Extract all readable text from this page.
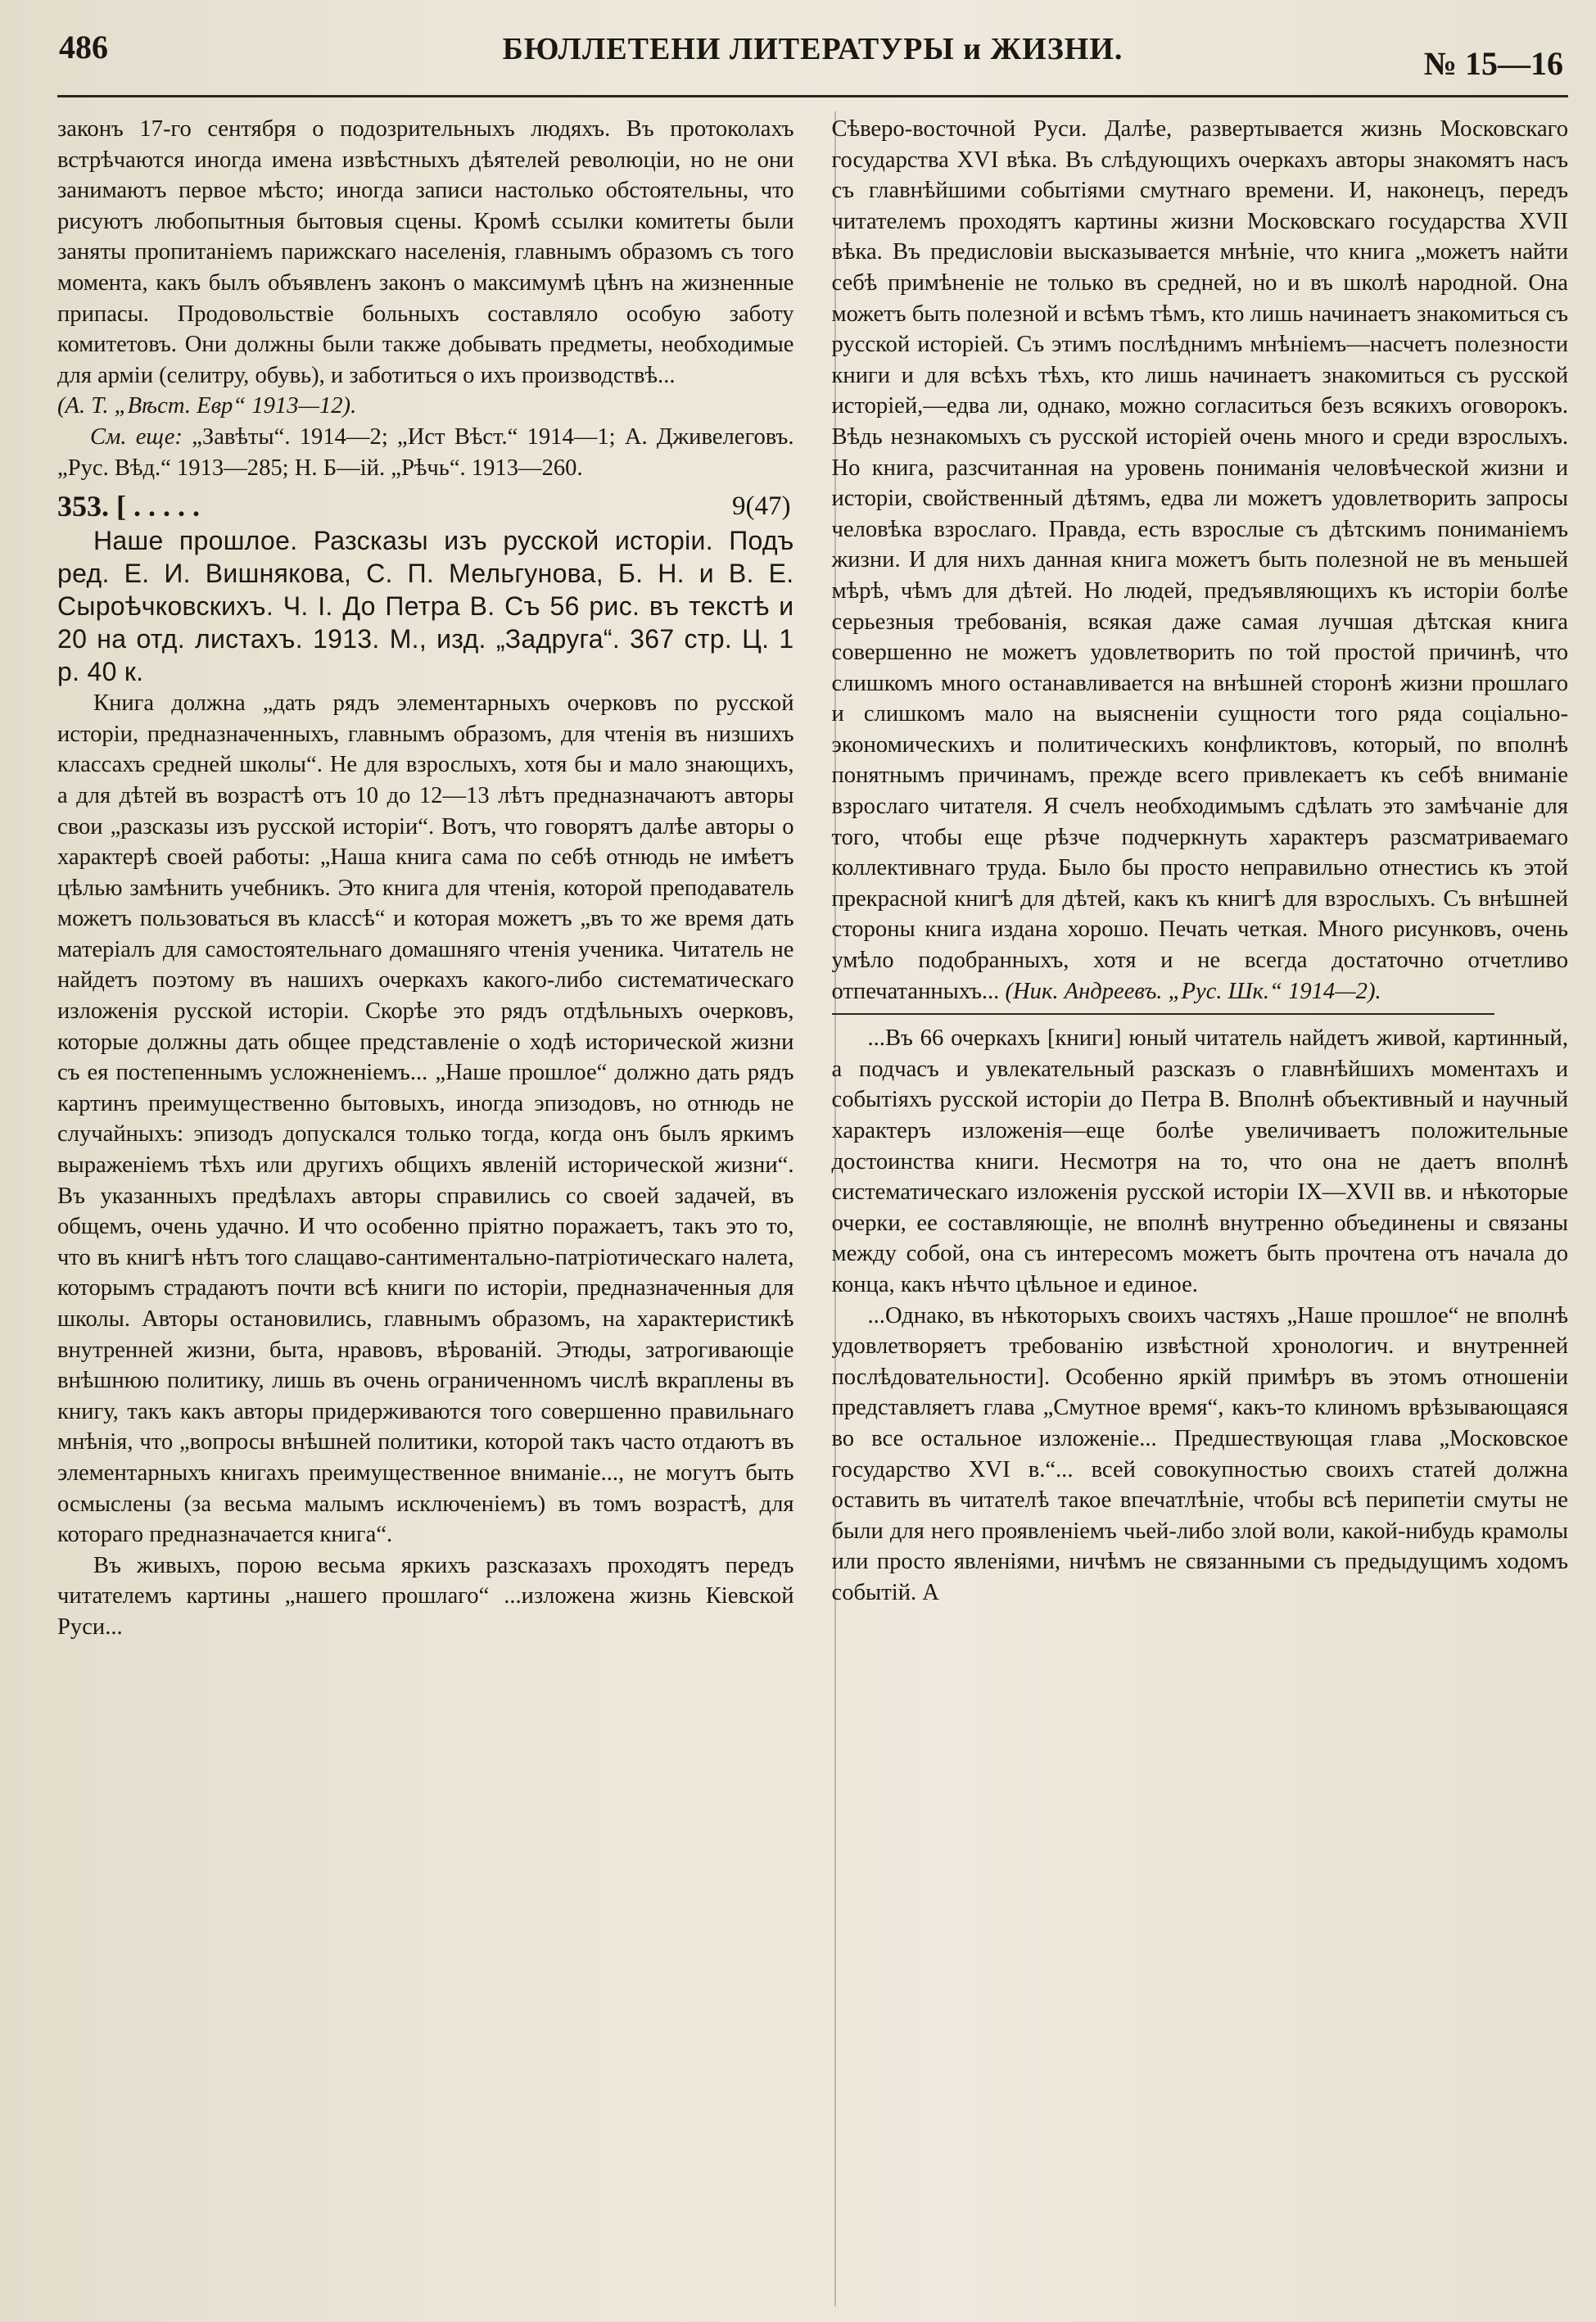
486	БЮЛЛЕТЕНИ ЛИТЕРАТУРЫ и ЖИЗНИ.	№ 15—16

законъ 17-го сентября о подозрительныхъ людяхъ. Въ протоколахъ встрѣчаются иногда имена извѣстныхъ дѣятелей революціи, но не они занимаютъ первое мѣсто; иногда записи настолько обстоятельны, что рисуютъ любопытныя бытовыя сцены. Кромѣ ссылки комитеты были заняты пропитаніемъ парижскаго населенія, главнымъ образомъ съ того момента, какъ былъ объявленъ законъ о максимумѣ цѣнъ на жизненные припасы. Продовольствіе больныхъ составляло особую заботу комитетовъ. Они должны были также добывать предметы, необходимые для арміи (селитру, обувь), и заботиться о ихъ производствѣ...
(А. Т. „Вѣст. Евр“ 1913—12).

См. еще: „Завѣты“. 1914—2; „Ист Вѣст.“ 1914—1; А. Дживелеговъ. „Рус. Вѣд.“ 1913—285; Н. Б—ій. „Рѣчь“. 1913—260.

353. [ . . . . .	9(47)

Наше прошлое. Разсказы изъ русской исторіи. Подъ ред. Е. И. Вишнякова, С. П. Мельгунова, Б. Н. и В. Е. Сыроѣчковскихъ. Ч. I. До Петра В. Съ 56 рис. въ текстѣ и 20 на отд. листахъ. 1913. М., изд. „Задруга“. 367 стр. Ц. 1 р. 40 к.

Книга должна „дать рядъ элементарныхъ очерковъ по русской исторіи, предназначенныхъ, главнымъ образомъ, для чтенія въ низшихъ классахъ средней школы“. Не для взрослыхъ, хотя бы и мало знающихъ, а для дѣтей въ возрастѣ отъ 10 до 12—13 лѣтъ предназначаютъ авторы свои „разсказы изъ русской исторіи“. Вотъ, что говорятъ далѣе авторы о характерѣ своей работы: „Наша книга сама по себѣ отнюдь не имѣетъ цѣлью замѣнить учебникъ. Это книга для чтенія, которой преподаватель можетъ пользоваться въ классѣ“ и которая можетъ „въ то же время дать матеріалъ для самостоятельнаго домашняго чтенія ученика. Читатель не найдетъ поэтому въ нашихъ очеркахъ какого-либо систематическаго изложенія русской исторіи. Скорѣе это рядъ отдѣльныхъ очерковъ, которые должны дать общее представленіе о ходѣ исторической жизни съ ея постепеннымъ усложненіемъ... „Наше прошлое“ должно дать рядъ картинъ преимущественно бытовыхъ, иногда эпизодовъ, но отнюдь не случайныхъ: эпизодъ допускался только тогда, когда онъ былъ яркимъ выраженіемъ тѣхъ или другихъ общихъ явленій исторической жизни“. Въ указанныхъ предѣлахъ авторы справились со своей задачей, въ общемъ, очень удачно. И что особенно пріятно поражаетъ, такъ это то, что въ книгѣ нѣтъ того слащаво-сантиментально-патріотическаго налета, которымъ страдаютъ почти всѣ книги по исторіи, предназначенныя для школы. Авторы остановились, главнымъ образомъ, на характеристикѣ внутренней жизни, быта, нравовъ, вѣрованій. Этюды, затрогивающіе внѣшнюю политику, лишь въ очень ограниченномъ числѣ вкраплены въ книгу, такъ какъ авторы придерживаются того совершенно правильнаго мнѣнія, что „вопросы внѣшней политики, которой такъ часто отдаютъ въ элементарныхъ книгахъ преимущественное вниманіе..., не могутъ быть осмыслены (за весьма малымъ исключеніемъ) въ томъ возрастѣ, для котораго предназначается книга“.

Въ живыхъ, порою весьма яркихъ разсказахъ проходятъ передъ читателемъ картины „нашего прошлаго“ ...изложена жизнь Кіевской Руси...

Сѣверо-восточной Руси. Далѣе, развертывается жизнь Московскаго государства XVI вѣка. Въ слѣдующихъ очеркахъ авторы знакомятъ насъ съ главнѣйшими событіями смутнаго времени. И, наконецъ, передъ читателемъ проходятъ картины жизни Московскаго государства XVII вѣка. Въ предисловіи высказывается мнѣніе, что книга „можетъ найти себѣ примѣненіе не только въ средней, но и въ школѣ народной. Она можетъ быть полезной и всѣмъ тѣмъ, кто лишь начинаетъ знакомиться съ русской исторіей. Съ этимъ послѣднимъ мнѣніемъ—насчетъ полезности книги и для всѣхъ тѣхъ, кто лишь начинаетъ знакомиться съ русской исторіей,—едва ли, однако, можно согласиться безъ всякихъ оговорокъ. Вѣдь незнакомыхъ съ русской исторіей очень много и среди взрослыхъ. Но книга, разсчитанная на уровень пониманія человѣческой жизни и исторіи, свойственный дѣтямъ, едва ли можетъ удовлетворить запросы человѣка взрослаго. Правда, есть взрослые съ дѣтскимъ пониманіемъ жизни. И для нихъ данная книга можетъ быть полезной не въ меньшей мѣрѣ, чѣмъ для дѣтей. Но людей, предъявляющихъ къ исторіи болѣе серьезныя требованія, всякая даже самая лучшая дѣтская книга совершенно не можетъ удовлетворить по той простой причинѣ, что слишкомъ много останавливается на внѣшней сторонѣ жизни прошлаго и слишкомъ мало на выясненіи сущности того ряда соціально-экономическихъ и политическихъ конфликтовъ, который, по вполнѣ понятнымъ причинамъ, прежде всего привлекаетъ къ себѣ вниманіе взрослаго читателя. Я счелъ необходимымъ сдѣлать это замѣчаніе для того, чтобы еще рѣзче подчеркнуть характеръ разсматриваемаго коллективнаго труда. Было бы просто неправильно отнестись къ этой прекрасной книгѣ для дѣтей, какъ къ книгѣ для взрослыхъ. Съ внѣшней стороны книга издана хорошо. Печать четкая. Много рисунковъ, очень умѣло подобранныхъ, хотя и не всегда достаточно отчетливо отпечатанныхъ... (Ник. Андреевъ. „Рус. Шк.“ 1914—2).

...Въ 66 очеркахъ [книги] юный читатель найдетъ живой, картинный, а подчасъ и увлекательный разсказъ о главнѣйшихъ моментахъ и событіяхъ русской исторіи до Петра В. Вполнѣ объективный и научный характеръ изложенія—еще болѣе увеличиваетъ положительные достоинства книги. Несмотря на то, что она не даетъ вполнѣ систематическаго изложенія русской исторіи IX—XVII вв. и нѣкоторые очерки, ее составляющіе, не вполнѣ внутренно объединены и связаны между собой, она съ интересомъ можетъ быть прочтена отъ начала до конца, какъ нѣчто цѣльное и единое.

...Однако, въ нѣкоторыхъ своихъ частяхъ „Наше прошлое“ не вполнѣ удовлетворяетъ требованію извѣстной хронологич. и внутренней послѣдовательности]. Особенно яркій примѣръ въ этомъ отношеніи представляетъ глава „Смутное время“, какъ-то клиномъ врѣзывающаяся во все остальное изложеніе... Предшествующая глава „Московское государство XVI в.“... всей совокупностью своихъ статей должна оставить въ читателѣ такое впечатлѣніе, чтобы всѣ перипетіи смуты не были для него проявленіемъ чьей-либо злой воли, какой-нибудь крамолы или просто явленіями, ничѣмъ не связанными съ предыдущимъ ходомъ событій. А
